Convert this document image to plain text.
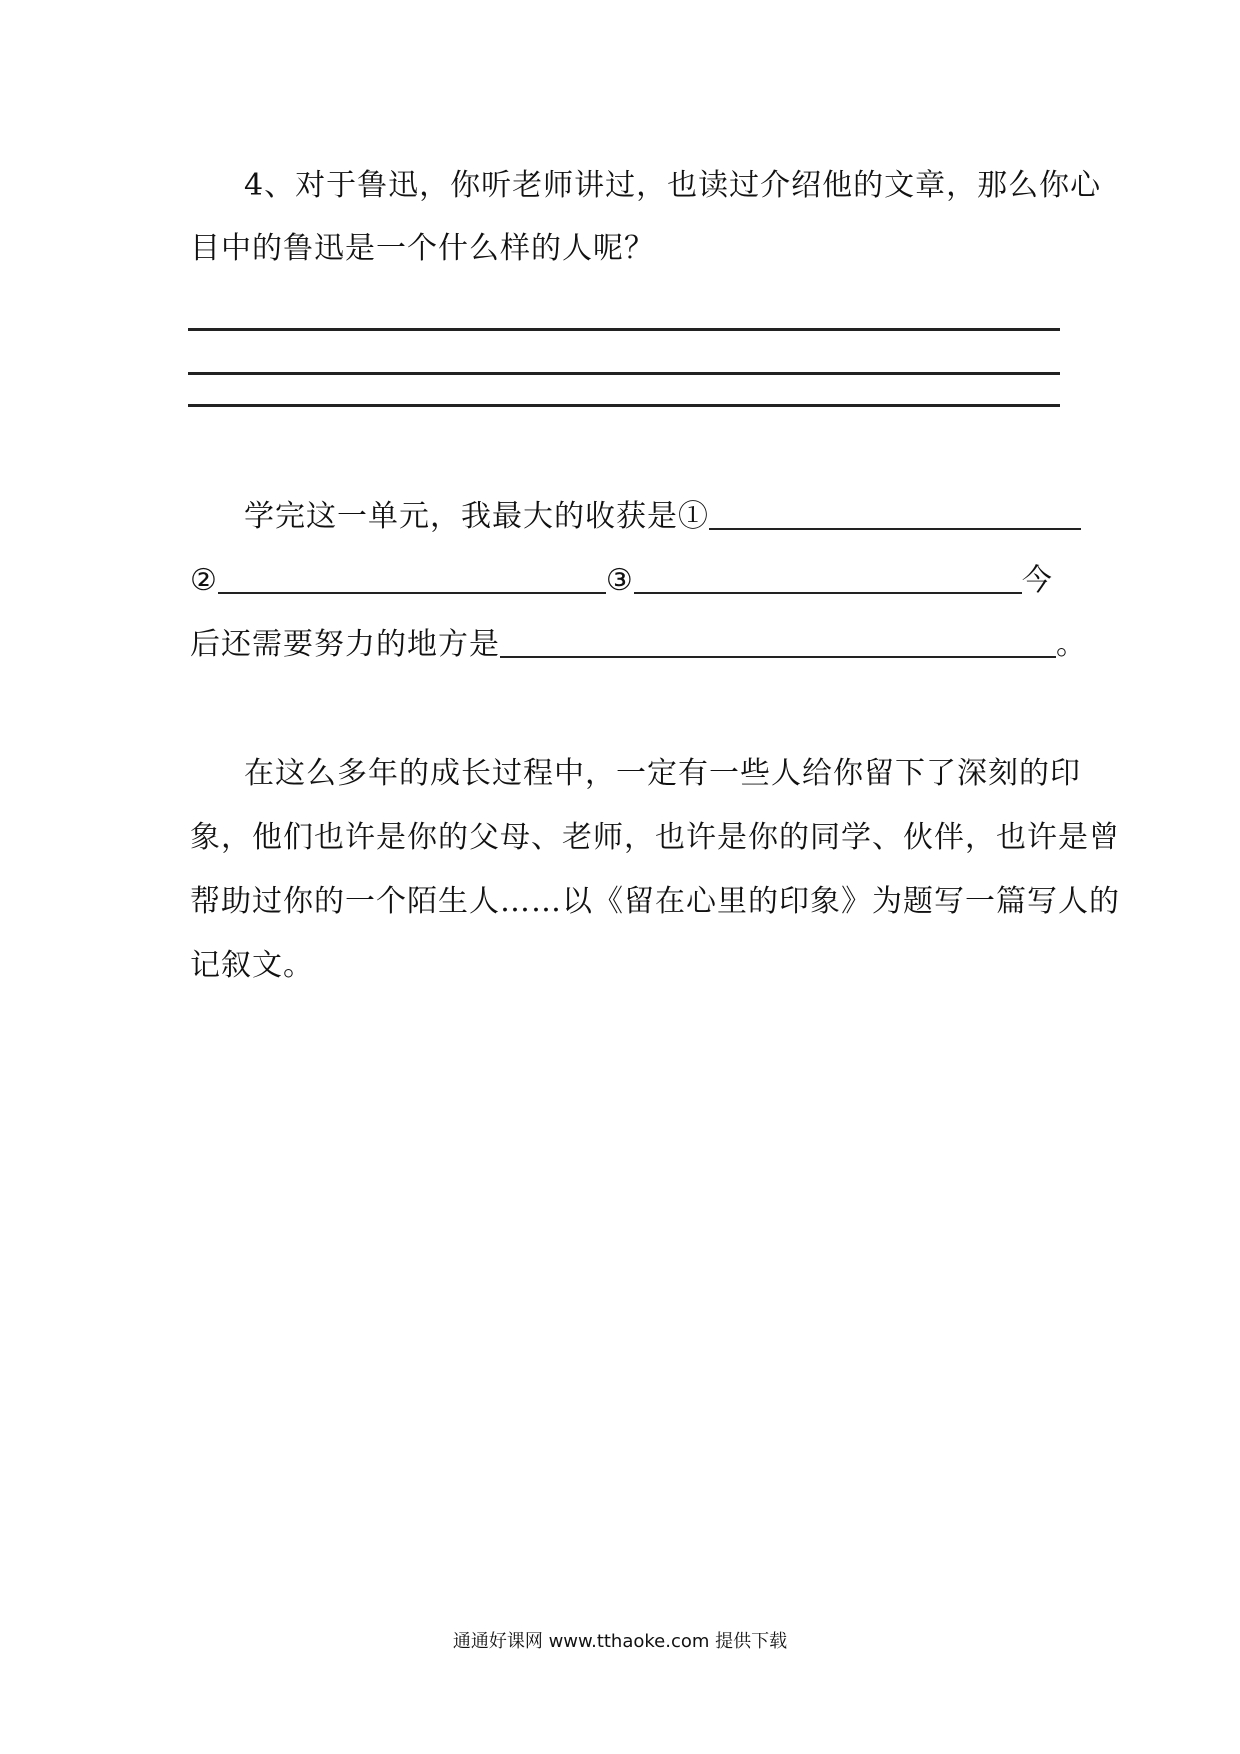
4、对于鲁迅，你听老师讲过，也读过介绍他的文章，那么你心
目中的鲁迅是一个什么样的人呢？
学完这一单元，我最大的收获是①
②	③	今
后还需要努力的地方是	。
在这么多年的成长过程中，一定有一些人给你留下了深刻的印
象，他们也许是你的父母、老师，也许是你的同学、伙伴，也许是曾
帮助过你的一个陌生人……以《留在心里的印象》为题写一篇写人的
记叙文。
通通好课网 www.tthaoke.com 提供下载
